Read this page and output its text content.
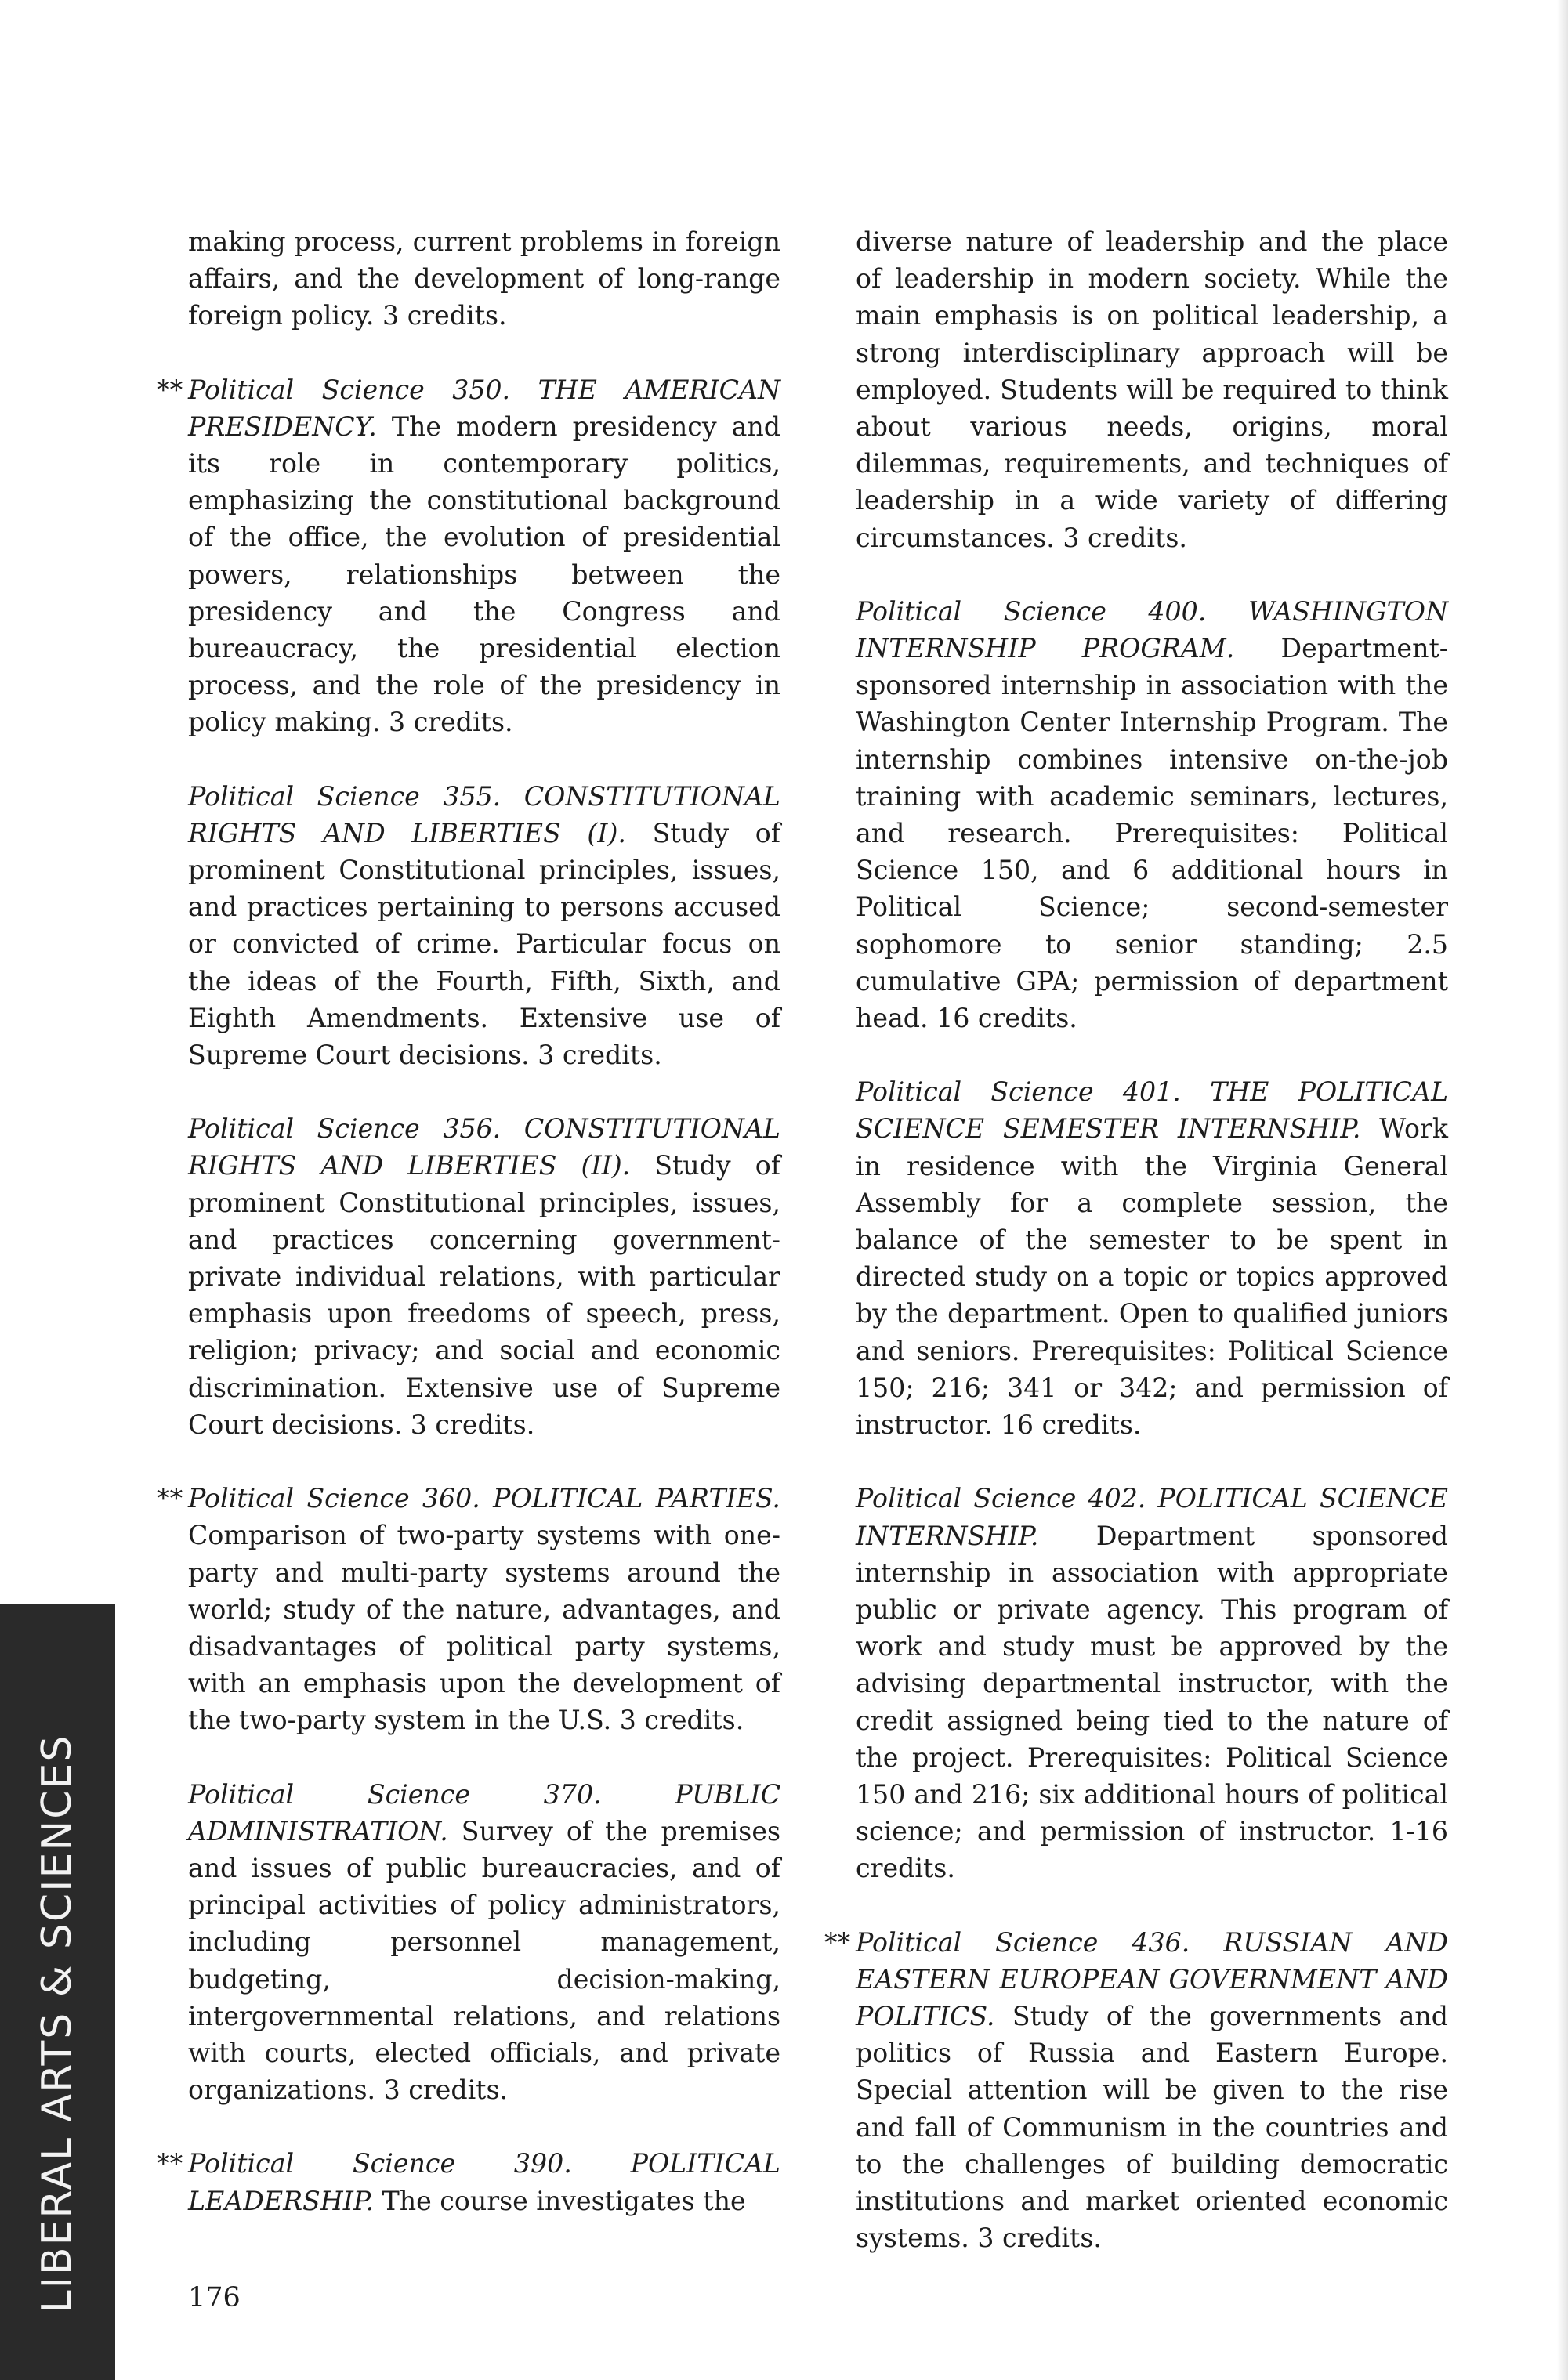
making process, current problems in foreign affairs, and the development of long-range foreign policy. 3 credits.

** Political Science 350. THE AMERICAN PRESIDENCY. The modern presidency and its role in contemporary politics, emphasizing the constitutional background of the office, the evolution of presidential powers, relationships between the presidency and the Congress and bureaucracy, the presidential election process, and the role of the presidency in policy making. 3 credits.

Political Science 355. CONSTITUTIONAL RIGHTS AND LIBERTIES (I). Study of prominent Constitutional principles, issues, and practices pertaining to persons accused or convicted of crime. Particular focus on the ideas of the Fourth, Fifth, Sixth, and Eighth Amendments. Extensive use of Supreme Court decisions. 3 credits.

Political Science 356. CONSTITUTIONAL RIGHTS AND LIBERTIES (II). Study of prominent Constitutional principles, issues, and practices concerning government-private individual relations, with particular emphasis upon freedoms of speech, press, religion; privacy; and social and economic discrimination. Extensive use of Supreme Court decisions. 3 credits.

** Political Science 360. POLITICAL PARTIES. Comparison of two-party systems with one-party and multi-party systems around the world; study of the nature, advantages, and disadvantages of political party systems, with an emphasis upon the development of the two-party system in the U.S. 3 credits.

Political Science 370.	PUBLIC ADMINISTRATION. Survey of the premises and issues of public bureaucracies, and of principal activities of policy administrators, including personnel management, budgeting, decision-making, intergovernmental relations, and relations with courts, elected officials, and private organizations. 3 credits.

** Political Science 390. POLITICAL LEADERSHIP. The course investigates the

diverse nature of leadership and the place of leadership in modern society. While the main emphasis is on political leadership, a strong interdisciplinary approach will be employed. Students will be required to think about various needs, origins, moral dilemmas, requirements, and techniques of leadership in a wide variety of differing circumstances. 3 credits.

Political Science 400. WASHINGTON INTERNSHIP PROGRAM. Department-sponsored internship in association with the Washington Center Internship Program. The internship combines intensive on-the-job training with academic seminars, lectures, and research. Prerequisites: Political Science 150, and 6 additional hours in Political Science; second-semester sophomore to senior standing; 2.5 cumulative GPA; permission of department head. 16 credits.

Political Science 401. THE POLITICAL SCIENCE SEMESTER INTERNSHIP. Work in residence with the Virginia General Assembly for a complete session, the balance of the semester to be spent in directed study on a topic or topics approved by the department. Open to qualified juniors and seniors. Prerequisites: Political Science 150; 216; 341 or 342; and permission of instructor. 16 credits.

Political Science 402. POLITICAL SCIENCE INTERNSHIP. Department sponsored internship in association with appropriate public or private agency. This program of work and study must be approved by the advising departmental instructor, with the credit assigned being tied to the nature of the project. Prerequisites: Political Science 150 and 216; six additional hours of political science; and permission of instructor. 1-16 credits.

** Political Science 436. RUSSIAN AND EASTERN EUROPEAN GOVERNMENT AND POLITICS. Study of the governments and politics of Russia and Eastern Europe. Special attention will be given to the rise and fall of Communism in the countries and to the challenges of building democratic institutions and market oriented economic systems. 3 credits.

176
LIBERAL ARTS & SCIENCES
